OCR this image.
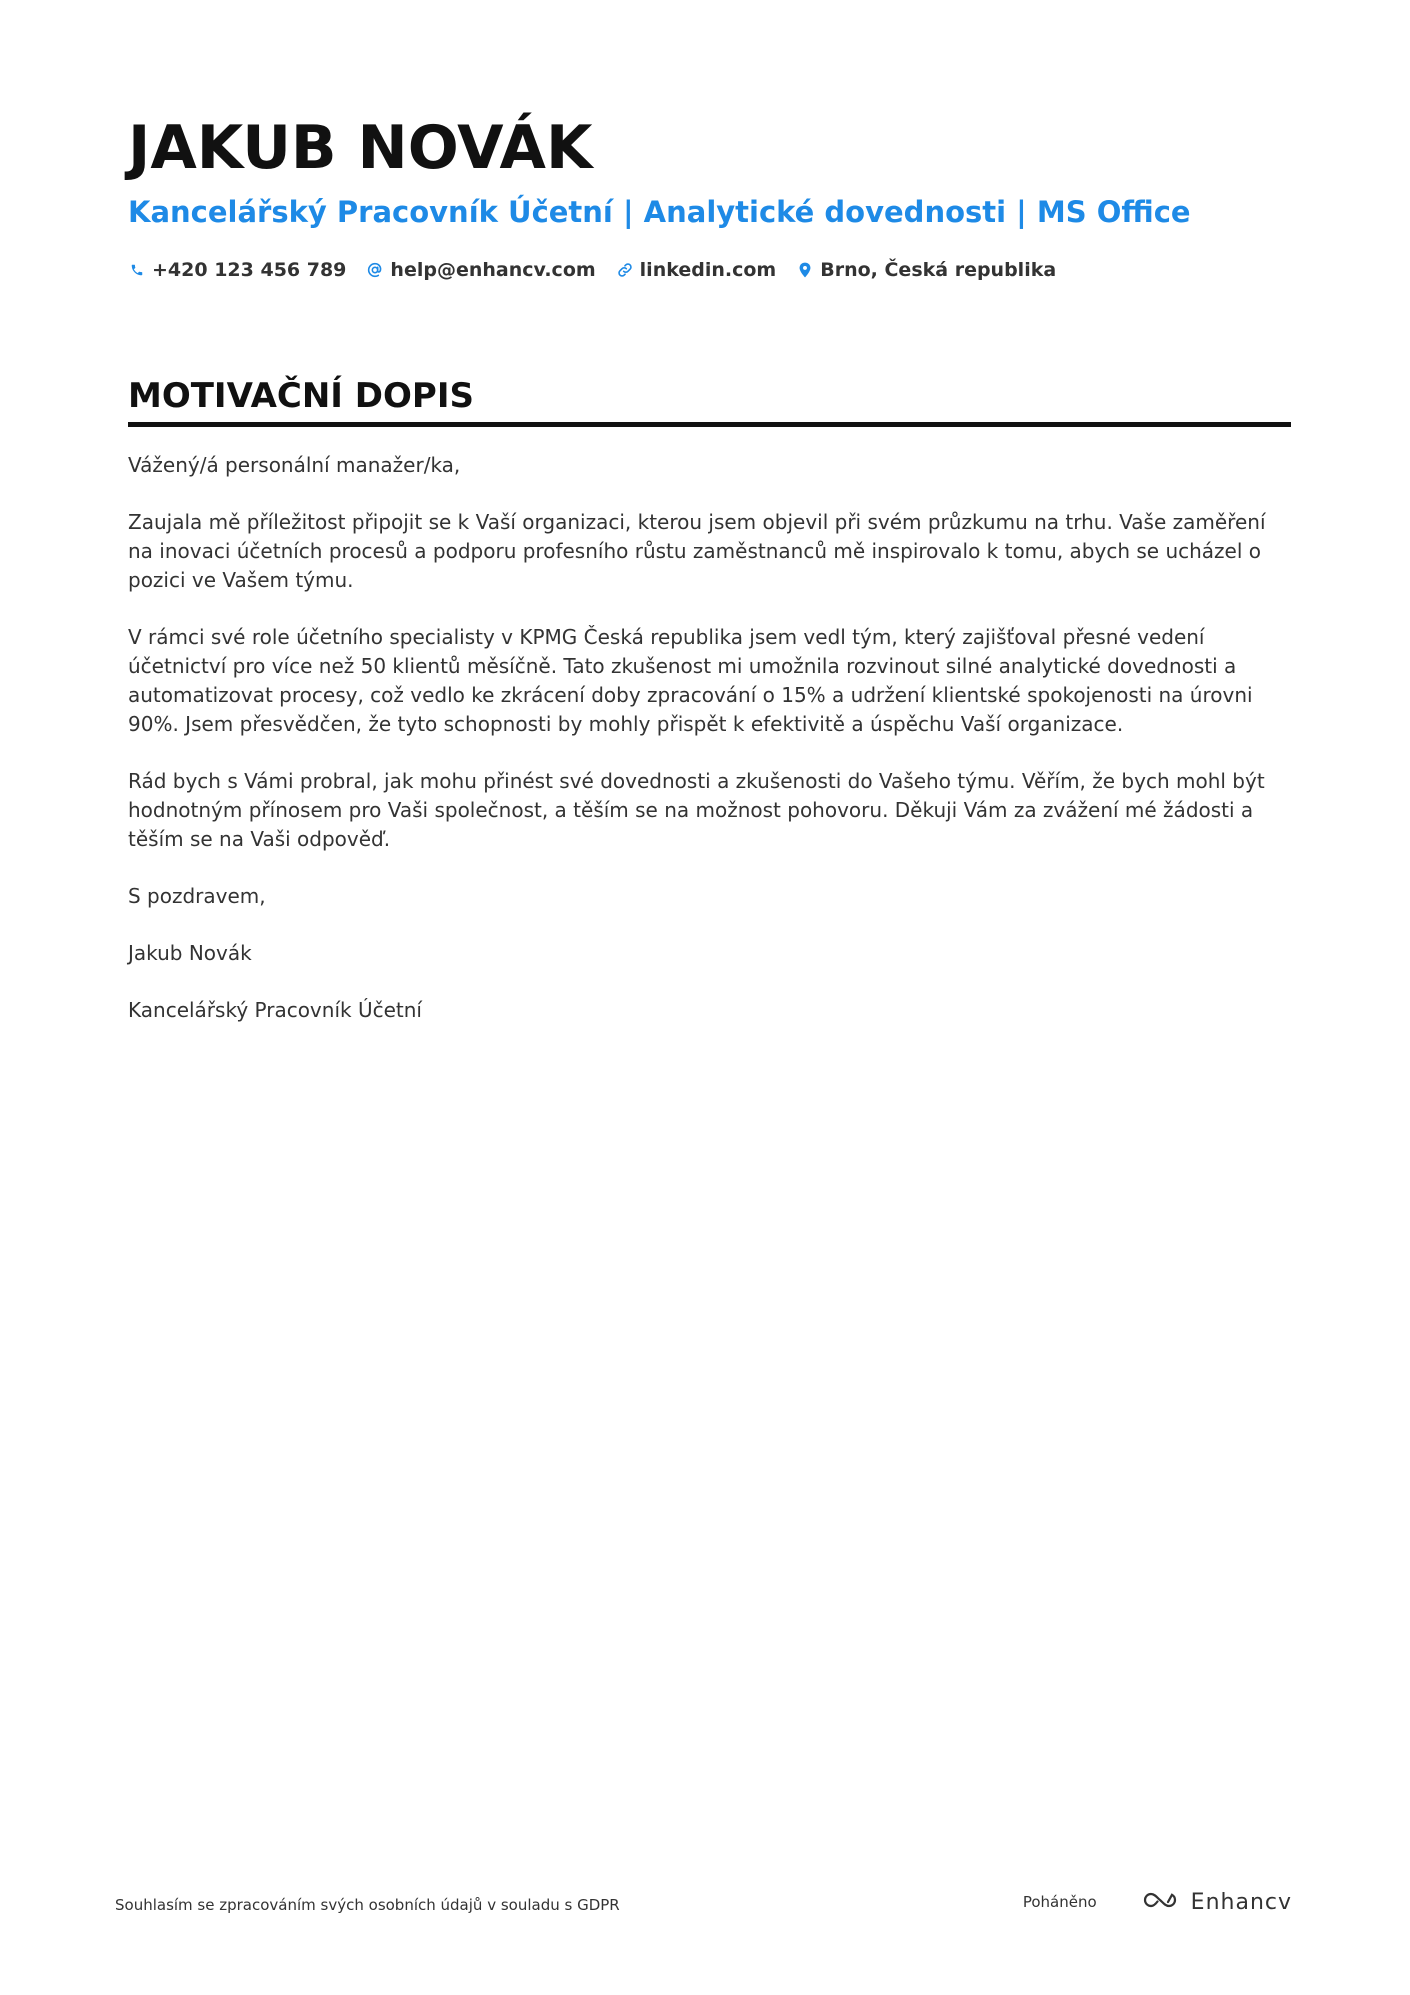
JAKUB NOVÁK
Kancelářský Pracovník Účetní | Analytické dovednosti | MS Office
+420 123 456 789 help@enhancv.com linkedin.com Brno, Česká republika
MOTIVAČNÍ DOPIS

Vážený/á personální manažer/ka,

Zaujala mě příležitost připojit se k Vaší organizaci, kterou jsem objevil při svém průzkumu na trhu. Vaše zaměření na inovaci účetních procesů a podporu profesního růstu zaměstnanců mě inspirovalo k tomu, abych se ucházel o pozici ve Vašem týmu.

V rámci své role účetního specialisty v KPMG Česká republika jsem vedl tým, který zajišťoval přesné vedení účetnictví pro více než 50 klientů měsíčně. Tato zkušenost mi umožnila rozvinout silné analytické dovednosti a automatizovat procesy, což vedlo ke zkrácení doby zpracování o 15% a udržení klientské spokojenosti na úrovni 90%. Jsem přesvědčen, že tyto schopnosti by mohly přispět k efektivitě a úspěchu Vaší organizace.

Rád bych s Vámi probral, jak mohu přinést své dovednosti a zkušenosti do Vašeho týmu. Věřím, že bych mohl být hodnotným přínosem pro Vaši společnost, a těším se na možnost pohovoru. Děkuji Vám za zvážení mé žádosti a těším se na Vaši odpověď.

S pozdravem,

Jakub Novák

Kancelářský Pracovník Účetní

Souhlasím se zpracováním svých osobních údajů v souladu s GDPR	Poháněno	Enhancv
